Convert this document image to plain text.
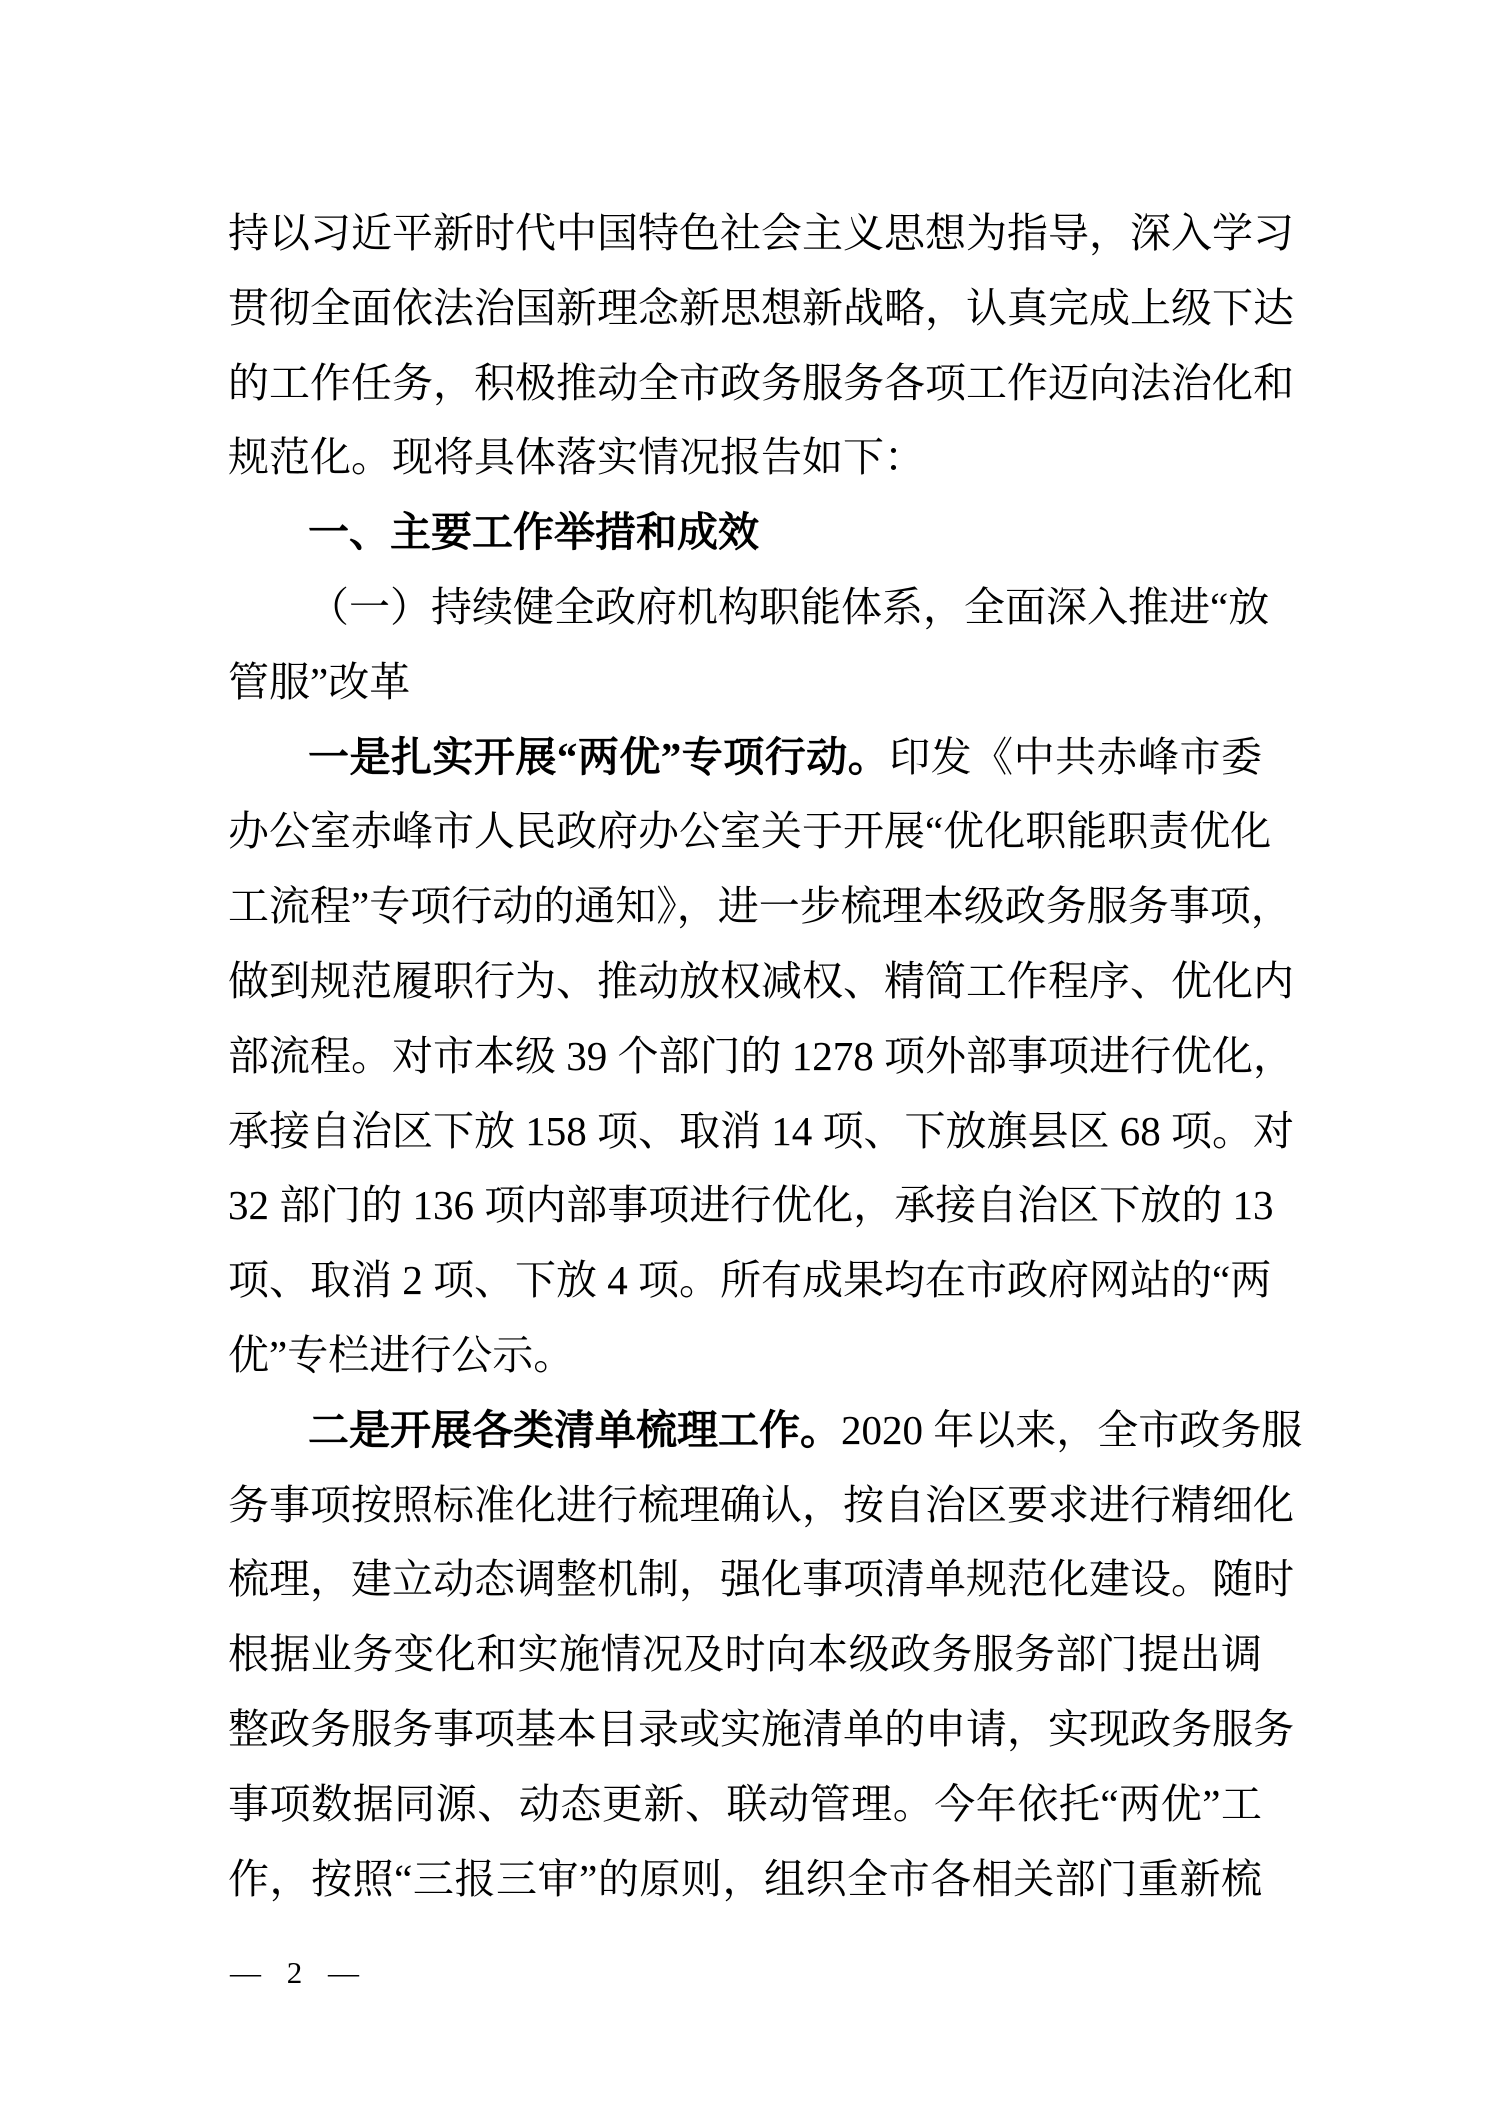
持以习近平新时代中国特色社会主义思想为指导，深入学习
贯彻全面依法治国新理念新思想新战略，认真完成上级下达
的工作任务，积极推动全市政务服务各项工作迈向法治化和
规范化。现将具体落实情况报告如下：
一、主要工作举措和成效
（一）持续健全政府机构职能体系，全面深入推进“放
管服”改革
一是扎实开展“两优”专项行动。印发《中共赤峰市委
办公室赤峰市人民政府办公室关于开展“优化职能职责优化
工流程”专项行动的通知》，进一步梳理本级政务服务事项，
做到规范履职行为、推动放权减权、精简工作程序、优化内
部流程。对市本级 39 个部门的 1278 项外部事项进行优化，
承接自治区下放 158 项、取消 14 项、下放旗县区 68 项。对
32 部门的 136 项内部事项进行优化，承接自治区下放的 13
项、取消 2 项、下放 4 项。所有成果均在市政府网站的“两
优”专栏进行公示。
二是开展各类清单梳理工作。2020 年以来，全市政务服
务事项按照标准化进行梳理确认，按自治区要求进行精细化
梳理，建立动态调整机制，强化事项清单规范化建设。随时
根据业务变化和实施情况及时向本级政务服务部门提出调
整政务服务事项基本目录或实施清单的申请，实现政务服务
事项数据同源、动态更新、联动管理。今年依托“两优”工
作，按照“三报三审”的原则，组织全市各相关部门重新梳
— 2 —
